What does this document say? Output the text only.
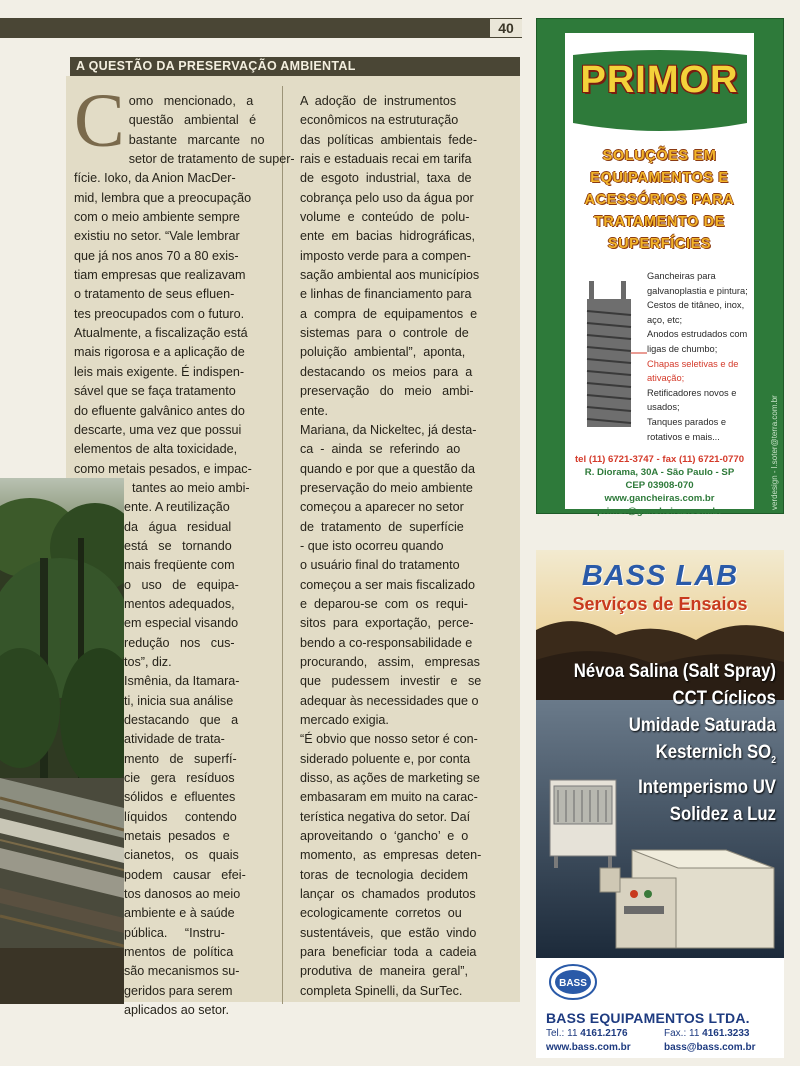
40
A QUESTÃO DA PRESERVAÇÃO AMBIENTAL
C omo   mencionado,   a
questão   ambiental   é
bastante   marcante   no
setor de tratamento de super-
fície. Ioko, da Anion MacDer-
mid, lembra que a preocupação
com o meio ambiente sempre
existiu no setor. “Vale lembrar
que já nos anos 70 a 80 exis-
tiam empresas que realizavam
o tratamento de seus efluen-
tes preocupados com o futuro.
Atualmente, a fiscalização está
mais rigorosa e a aplicação de
leis mais exigente. É indispen-
sável que se faça tratamento
do efluente galvânico antes do
descarte, uma vez que possui
elementos de alta toxicidade,
como metais pesados, e impac-
tantes ao meio ambi-
ente. A reutilização
da   água   residual
está   se   tornando
mais freqüente com
o   uso   de   equipa-
mentos adequados,
em especial visando
redução   nos   cus-
tos”, diz.
Ismênia, da Itamara-
ti, inicia sua análise
destacando   que   a
atividade de trata-
mento   de   superfí-
cie   gera   resíduos
sólidos  e  efluentes
líquidos     contendo
metais  pesados  e
cianetos,   os   quais
podem   causar   efei-
tos danosos ao meio
ambiente e à saúde
pública.     “Instru-
mentos  de  política
são mecanismos su-
geridos para serem
aplicados ao setor.
A  adoção  de  instrumentos
econômicos na estruturação
das  políticas  ambientais  fede-
rais e estaduais recai em tarifa
de  esgoto  industrial,  taxa  de
cobrança pelo uso da água por
volume  e  conteúdo  de  polu-
ente  em  bacias  hidrográficas,
imposto verde para a compen-
sação ambiental aos municípios
e linhas de financiamento para
a  compra  de  equipamentos  e
sistemas  para  o  controle  de
poluição  ambiental”,  aponta,
destacando  os  meios  para  a
preservação   do   meio   ambi-
ente.
Mariana, da Nickeltec, já desta-
ca  -  ainda  se  referindo  ao
quando e por que a questão da
preservação do meio ambiente
começou a aparecer no setor
de  tratamento  de  superfície
- que isto ocorreu quando
o usuário final do tratamento
começou a ser mais fiscalizado
e  deparou-se  com  os  requi-
sitos  para  exportação,  perce-
bendo a co-responsabilidade e
procurando,   assim,   empresas
que   pudessem   investir   e   se
adequar às necessidades que o
mercado exigia.
“É obvio que nosso setor é con-
siderado poluente e, por conta
disso, as ações de marketing se
embasaram em muito na carac-
terística negativa do setor. Daí
aproveitando  o  ‘gancho’  e  o
momento,  as  empresas  deten-
toras  de  tecnologia  decidem
lançar  os  chamados  produtos
ecologicamente  corretos  ou
sustentáveis,  que  estão  vindo
para  beneficiar  toda  a  cadeia
produtiva  de  maneira  geral”,
completa Spinelli, da SurTec.
PRIMOR
SOLUÇÕES EM
EQUIPAMENTOS E
ACESSÓRIOS PARA
TRATAMENTO DE
SUPERFÍCIES
Gancheiras para
galvanoplastia e pintura;
Cestos de titâneo, inox,
aço, etc;
Anodos estrudados com
ligas de chumbo;
Chapas seletivas e de
ativação;
Retificadores novos e
usados;
Tanques parados e
rotativos e mais...
tel (11) 6721-3747 - fax (11) 6721-0770
R. Diorama, 30A - São Paulo - SP
CEP 03908-070
www.gancheiras.com.br
primor@gancheiras.com.br
verdesign - l.soter@terra.com.br
BASS LAB
Serviços de Ensaios
Névoa Salina (Salt Spray)
CCT Cíclicos
Umidade Saturada
Kesternich $SO_2$
Intemperismo UV
Solidez a Luz
BASS
BASS EQUIPAMENTOS LTDA.
Tel.: 11 4161.2176	Fax.: 11 4161.3233
www.bass.com.br	bass@bass.com.br
